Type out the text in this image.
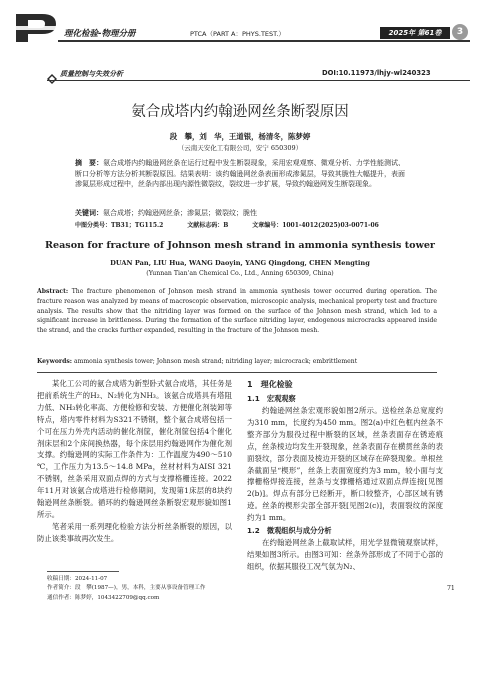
理化检验-物理分册	PTCA（PART A：PHYS.TEST.）	2025年 第61卷	3
质量控制与失效分析	DOI:10.11973/lhjy-wl240323
氨合成塔内约翰逊网丝条断裂原因
段　攀，刘　华，王道银，杨清冬，陈梦婷
（云南天安化工有限公司，安宁 650309）
摘　要：氨合成塔内约翰逊网丝条在运行过程中发生断裂现象，采用宏观观察、微观分析、力学性能测试、断口分析等方法分析其断裂原因。结果表明：该约翰逊网丝条表面形成渗氮层，导致其脆性大幅提升，表面渗氮层形成过程中，丝条内部出现内源性微裂纹，裂纹进一步扩展，导致约翰逊网发生断裂现象。
关键词：氨合成塔；约翰逊网丝条；渗氮层；微裂纹；脆性
中图分类号：TB31；TG115.2	文献标志码：B	文章编号：1001-4012(2025)03-0071-06
Reason for fracture of Johnson mesh strand in ammonia synthesis tower
DUAN Pan, LIU Hua, WANG Daoyin, YANG Qingdong, CHEN Mengting
(Yunnan Tian'an Chemical Co., Ltd., Anning 650309, China)
Abstract: The fracture phenomenon of Johnson mesh strand in ammonia synthesis tower occurred during operation. The fracture reason was analyzed by means of macroscopic observation, microscopic analysis, mechanical property test and fracture analysis. The results show that the nitriding layer was formed on the surface of the Johnson mesh strand, which led to a significant increase in brittleness. During the formation of the surface nitriding layer, endogenous microcracks appeared inside the strand, and the cracks further expanded, resulting in the fracture of the Johnson mesh.
Keywords: ammonia synthesis tower; Johnson mesh strand; nitriding layer; microcrack; embrittlement

某化工公司的氨合成塔为新型卧式氨合成塔，其任务是把前系统生产的H₂、N₂转化为NH₃。该氨合成塔具有塔阻力低、NH₃转化率高、方便检修和安装、方便催化剂装卸等特点，塔内零件材料为S321不锈钢，整个氨合成塔包括一个可在压力外壳内活动的催化剂筐，催化剂筐包括4个催化剂床层和2个床间换热器，每个床层用约翰逊网作为催化剂支撑。约翰逊网的实际工作条件为：工作温度为490～510 ℃，工作压力为13.5～14.8 MPa，丝材材料为AISI 321不锈钢，丝条采用双面点焊的方式与支撑格栅连接。2022年11月对该氨合成塔进行检修期间，发现第1床层的8块约翰逊网丝条断裂。循环的约翰逊网丝条断裂宏观形貌如图1所示。

笔者采用一系列理化检验方法分析丝条断裂的原因，以防止该类事故再次发生。

收稿日期：2024-11-07
作者简介：段　攀(1987—)，男，本科，主要从事设备管理工作
通信作者：陈梦婷，1043422709@qq.com
1　理化检验
1.1　宏观观察

约翰逊网丝条宏观形貌如图2所示。送检丝条总宽度约为310 mm，长度约为450 mm。图2(a)中红色框内丝条不整齐部分为服役过程中断裂的区域，丝条表面存在锈迹痕点，丝条棱边均发生开裂现象，丝条表面存在横贯丝条的表面裂纹，部分表面及棱边开裂的区域存在碎裂现象。单根丝条截面呈“楔形”，丝条上表面宽度约为3 mm，较小面与支撑栅格焊接连接，丝条与支撑栅格通过双面点焊连接[见图2(b)]。焊点有部分已经断开，断口较整齐，心部区域有锈迹。丝条的楔形尖部全部开裂[见图2(c)]，表面裂纹的深度约为1 mm。

1.2　微观组织与成分分析

在约翰逊网丝条上截取试样，用光学显微镜观察试样，结果如图3所示。由图3可知：丝条外部形成了不同于心部的组织，依据其服役工况气氛为N₂、

71
